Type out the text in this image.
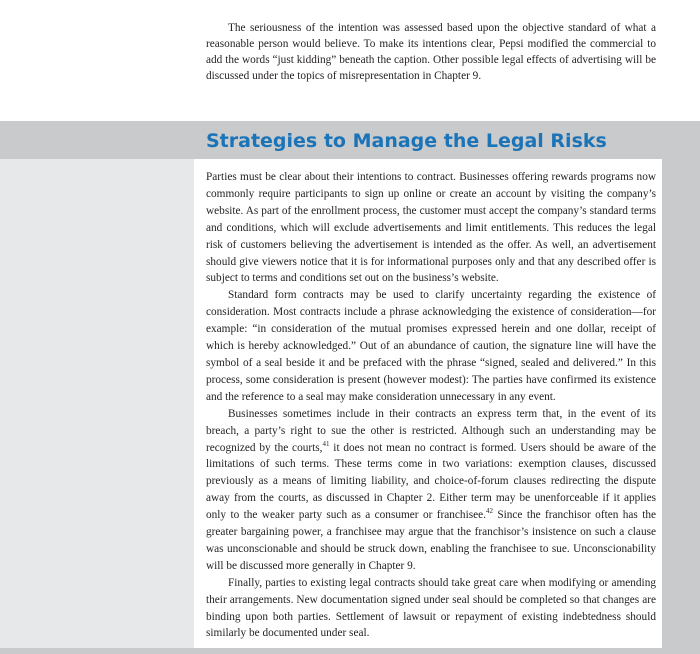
The seriousness of the intention was assessed based upon the objective standard of what a reasonable person would believe. To make its intentions clear, Pepsi modified the commercial to add the words “just kidding” beneath the caption. Other possible legal effects of advertising will be discussed under the topics of misrepresentation in Chapter 9.

Strategies to Manage the Legal Risks

Parties must be clear about their intentions to contract. Businesses offering rewards programs now commonly require participants to sign up online or create an account by visiting the company’s website. As part of the enrollment process, the customer must accept the company’s standard terms and conditions, which will exclude advertisements and limit entitlements. This reduces the legal risk of customers believing the advertisement is intended as the offer. As well, an advertisement should give viewers notice that it is for informational purposes only and that any described offer is subject to terms and conditions set out on the business’s website.

Standard form contracts may be used to clarify uncertainty regarding the existence of consideration. Most contracts include a phrase acknowledging the existence of consideration—for example: “in consideration of the mutual promises expressed herein and one dollar, receipt of which is hereby acknowledged.” Out of an abundance of caution, the signature line will have the symbol of a seal beside it and be prefaced with the phrase “signed, sealed and delivered.” In this process, some consideration is present (however modest): The parties have confirmed its existence and the reference to a seal may make consideration unnecessary in any event.

Businesses sometimes include in their contracts an express term that, in the event of its breach, a party’s right to sue the other is restricted. Although such an understanding may be recognized by the courts,$^{41}$ it does not mean no contract is formed. Users should be aware of the limitations of such terms. These terms come in two variations: exemption clauses, discussed previously as a means of limiting liability, and choice-of-forum clauses redirecting the dispute away from the courts, as discussed in Chapter 2. Either term may be unenforceable if it applies only to the weaker party such as a consumer or franchisee.$^{42}$ Since the franchisor often has the greater bargaining power, a franchisee may argue that the franchisor’s insistence on such a clause was unconscionable and should be struck down, enabling the franchisee to sue. Unconscionability will be discussed more generally in Chapter 9.

Finally, parties to existing legal contracts should take great care when modifying or amending their arrangements. New documentation signed under seal should be completed so that changes are binding upon both parties. Settlement of lawsuit or repayment of existing indebtedness should similarly be documented under seal.
